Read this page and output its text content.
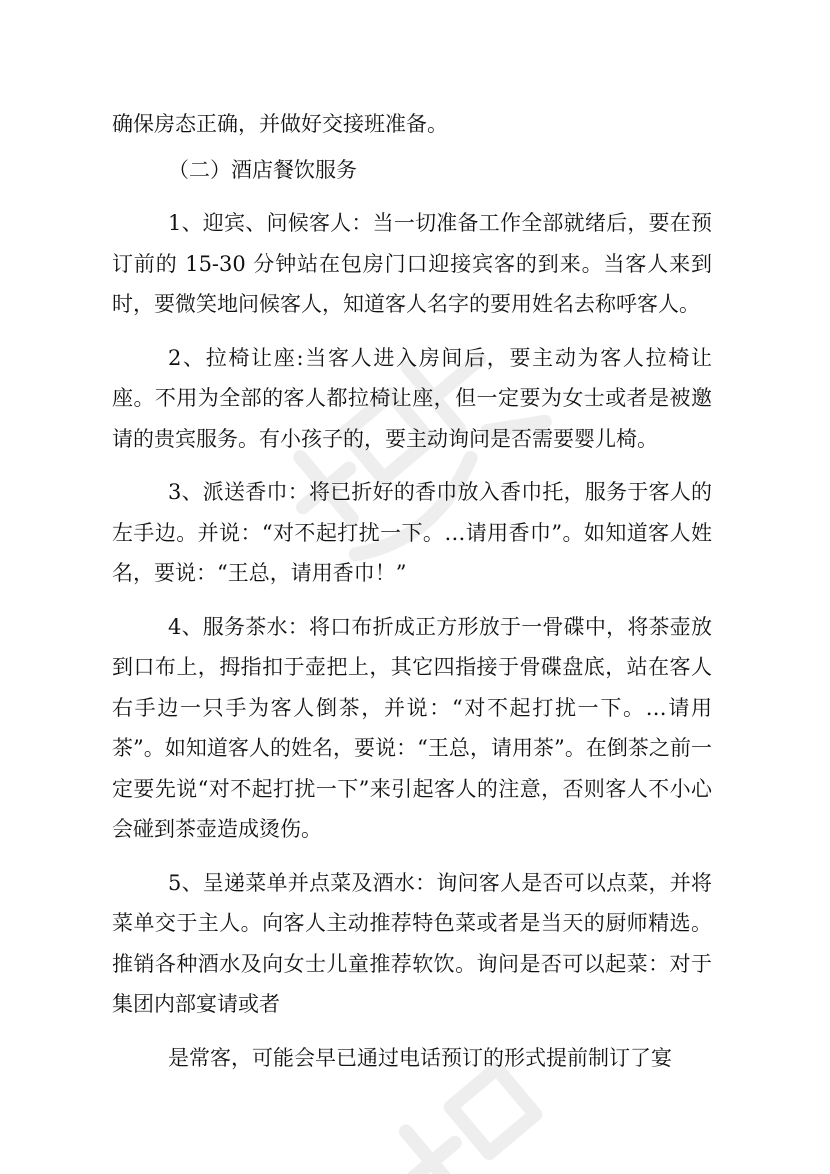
确保房态正确，并做好交接班准备。

（二）酒店餐饮服务

1、迎宾、问候客人：当一切准备工作全部就绪后，要在预订前的 15-30 分钟站在包房门口迎接宾客的到来。当客人来到时，要微笑地问候客人，知道客人名字的要用姓名去称呼客人。

2、拉椅让座:当客人进入房间后，要主动为客人拉椅让座。不用为全部的客人都拉椅让座，但一定要为女士或者是被邀请的贵宾服务。有小孩子的，要主动询问是否需要婴儿椅。

3、派送香巾：将已折好的香巾放入香巾托，服务于客人的左手边。并说：“对不起打扰一下。…请用香巾”。如知道客人姓名，要说：“王总，请用香巾！”

4、服务茶水：将口布折成正方形放于一骨碟中，将茶壶放到口布上，拇指扣于壶把上，其它四指接于骨碟盘底，站在客人右手边一只手为客人倒茶，并说：“对不起打扰一下。…请用茶”。如知道客人的姓名，要说：“王总，请用茶”。在倒茶之前一定要先说“对不起打扰一下”来引起客人的注意，否则客人不小心会碰到茶壶造成烫伤。

5、呈递菜单并点菜及酒水：询问客人是否可以点菜，并将菜单交于主人。向客人主动推荐特色菜或者是当天的厨师精选。推销各种酒水及向女士儿童推荐软饮。询问是否可以起菜：对于集团内部宴请或者

是常客，可能会早已通过电话预订的形式提前制订了宴
